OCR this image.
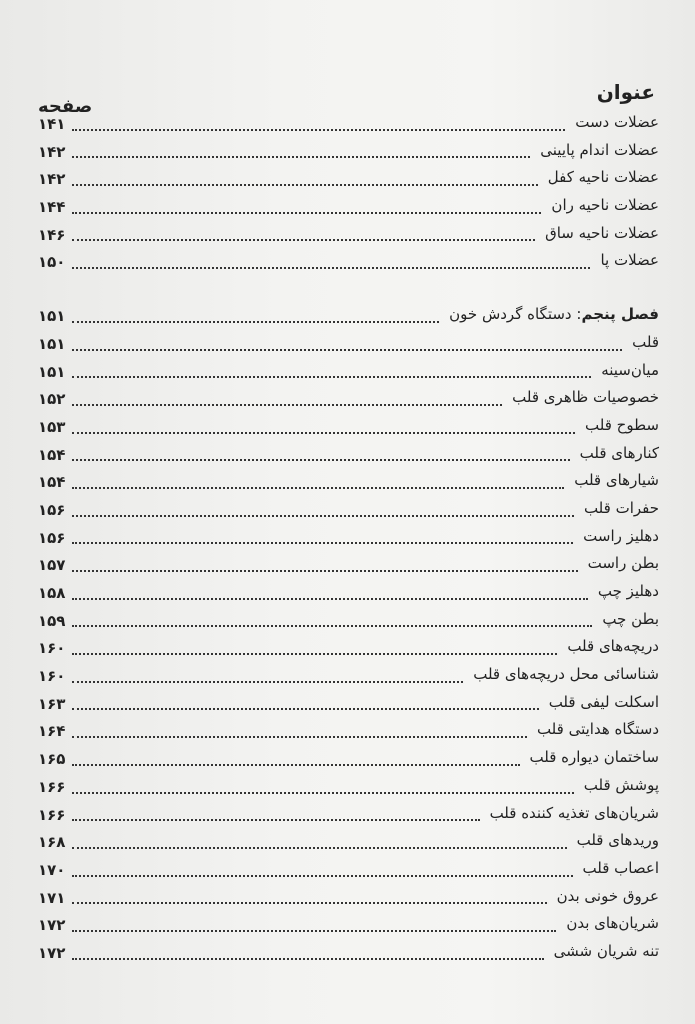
عنوان
صفحه
عضلات دست
۱۴۱
عضلات اندام پایینی
۱۴۲
عضلات ناحیه کفل
۱۴۲
عضلات ناحیه ران
۱۴۴
عضلات ناحیه ساق
۱۴۶
عضلات پا
۱۵۰
فصل پنجم: دستگاه گردش خون
۱۵۱
قلب
۱۵۱
میان‌سینه
۱۵۱
خصوصیات ظاهری قلب
۱۵۲
سطوح قلب
۱۵۳
کنارهای قلب
۱۵۴
شیارهای قلب
۱۵۴
حفرات قلب
۱۵۶
دهلیز راست
۱۵۶
بطن راست
۱۵۷
دهلیز چپ
۱۵۸
بطن چپ
۱۵۹
دریچه‌های قلب
۱۶۰
شناسائی محل دریچه‌های قلب
۱۶۰
اسکلت لیفی قلب
۱۶۳
دستگاه هدایتی قلب
۱۶۴
ساختمان دیواره قلب
۱۶۵
پوشش قلب
۱۶۶
شریان‌های تغذیه کننده قلب
۱۶۶
وریدهای قلب
۱۶۸
اعصاب قلب
۱۷۰
عروق خونی بدن
۱۷۱
شریان‌های بدن
۱۷۲
تنه شریان ششی
۱۷۲
